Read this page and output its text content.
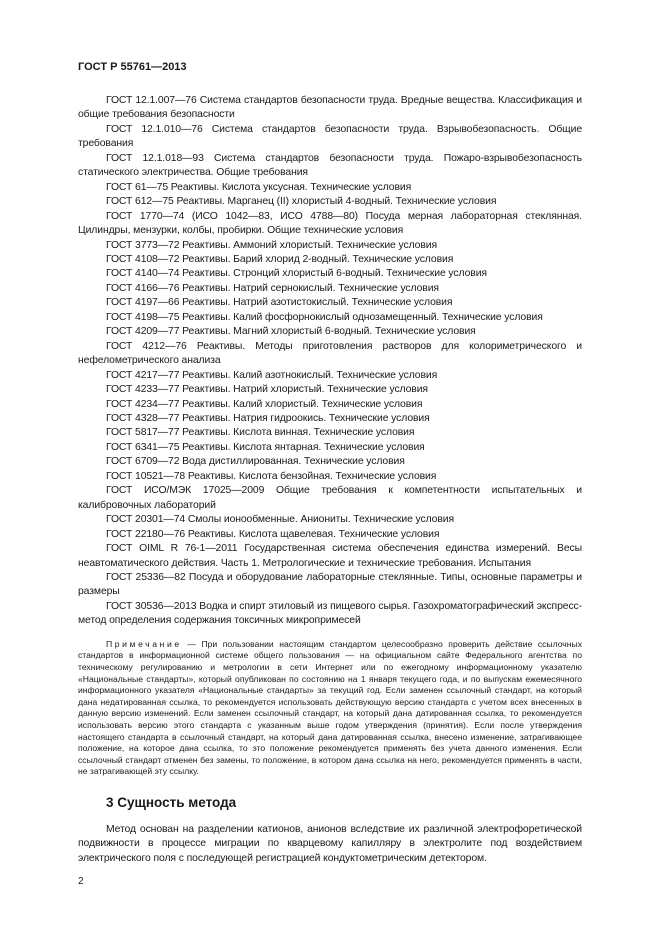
ГОСТ Р 55761—2013

ГОСТ 12.1.007—76 Система стандартов безопасности труда. Вредные вещества. Классификация и общие требования безопасности

ГОСТ 12.1.010—76 Система стандартов безопасности труда. Взрывобезопасность. Общие требования

ГОСТ 12.1.018—93 Система стандартов безопасности труда. Пожаро-взрывобезопасность статического электричества. Общие требования

ГОСТ 61—75 Реактивы. Кислота уксусная. Технические условия

ГОСТ 612—75 Реактивы. Марганец (II) хлористый 4-водный. Технические условия

ГОСТ 1770—74 (ИСО 1042—83, ИСО 4788—80) Посуда мерная лабораторная стеклянная. Цилиндры, мензурки, колбы, пробирки. Общие технические условия

ГОСТ 3773—72 Реактивы. Аммоний хлористый. Технические условия

ГОСТ 4108—72 Реактивы. Барий хлорид 2-водный. Технические условия

ГОСТ 4140—74 Реактивы. Стронций хлористый 6-водный. Технические условия

ГОСТ 4166—76 Реактивы. Натрий сернокислый. Технические условия

ГОСТ 4197—66 Реактивы. Натрий азотистокислый. Технические условия

ГОСТ 4198—75 Реактивы. Калий фосфорнокислый однозамещенный. Технические условия

ГОСТ 4209—77 Реактивы. Магний хлористый 6-водный. Технические условия

ГОСТ 4212—76 Реактивы. Методы приготовления растворов для колориметрического и нефелометрического анализа

ГОСТ 4217—77 Реактивы. Калий азотнокислый. Технические условия

ГОСТ 4233—77 Реактивы. Натрий хлористый. Технические условия

ГОСТ 4234—77 Реактивы. Калий хлористый. Технические условия

ГОСТ 4328—77 Реактивы. Натрия гидроокись. Технические условия

ГОСТ 5817—77 Реактивы. Кислота винная. Технические условия

ГОСТ 6341—75 Реактивы. Кислота янтарная. Технические условия

ГОСТ 6709—72 Вода дистиллированная. Технические условия

ГОСТ 10521—78 Реактивы. Кислота бензойная. Технические условия

ГОСТ ИСО/МЭК 17025—2009 Общие требования к компетентности испытательных и калибровочных лабораторий

ГОСТ 20301—74 Смолы ионообменные. Аниониты. Технические условия

ГОСТ 22180—76 Реактивы. Кислота щавелевая. Технические условия

ГОСТ OIML R 76-1—2011 Государственная система обеспечения единства измерений. Весы неавтоматического действия. Часть 1. Метрологические и технические требования. Испытания

ГОСТ 25336—82 Посуда и оборудование лабораторные стеклянные. Типы, основные параметры и размеры

ГОСТ 30536—2013 Водка и спирт этиловый из пищевого сырья. Газохроматографический экспресс-метод определения содержания токсичных микропримесей

Примечание — При пользовании настоящим стандартом целесообразно проверить действие ссылочных стандартов в информационной системе общего пользования — на официальном сайте Федерального агентства по техническому регулированию и метрологии в сети Интернет или по ежегодному информационному указателю «Национальные стандарты», который опубликован по состоянию на 1 января текущего года, и по выпускам ежемесячного информационного указателя «Национальные стандарты» за текущий год. Если заменен ссылочный стандарт, на который дана недатированная ссылка, то рекомендуется использовать действующую версию стандарта с учетом всех внесенных в данную версию изменений. Если заменен ссылочный стандарт, на который дана датированная ссылка, то рекомендуется использовать версию этого стандарта с указанным выше годом утверждения (принятия). Если после утверждения настоящего стандарта в ссылочный стандарт, на который дана датированная ссылка, внесено изменение, затрагивающее положение, на которое дана ссылка, то это положение рекомендуется применять без учета данного изменения. Если ссылочный стандарт отменен без замены, то положение, в котором дана ссылка на него, рекомендуется применять в части, не затрагивающей эту ссылку.

3 Сущность метода

Метод основан на разделении катионов, анионов вследствие их различной электрофоретической подвижности в процессе миграции по кварцевому капилляру в электролите под воздействием электрического поля с последующей регистрацией кондуктометрическим детектором.

2
